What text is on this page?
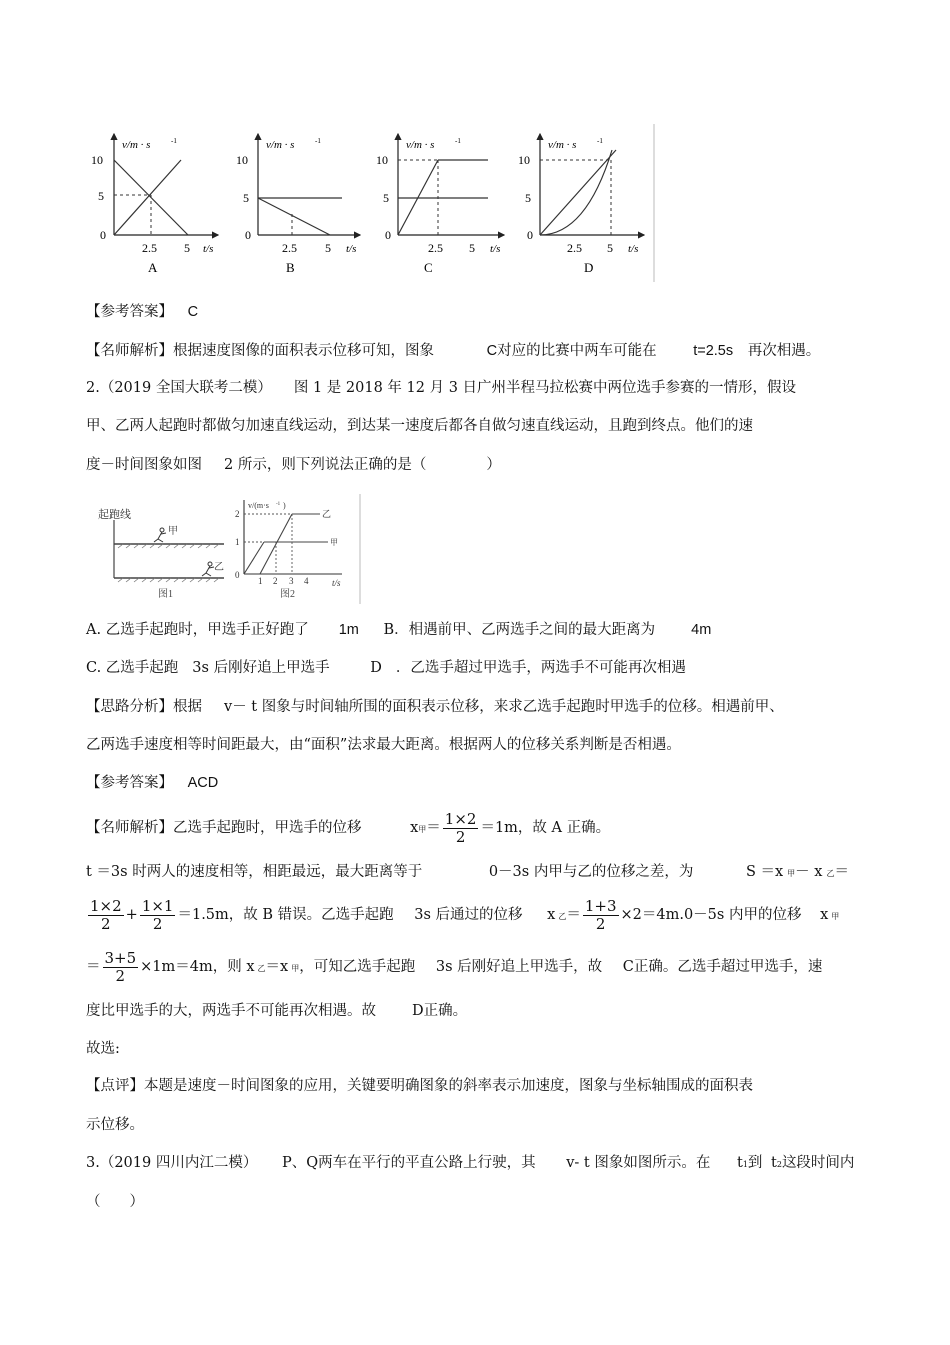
v/m · s	-1
10
5
0
2.5 5 t/s
A
v/m · s	-1
10
5
0
2.5 5 t/s
B
v/m · s	-1
10
5
0
2.5 5 t/s
C
v/m · s	-1
10
5
0
2.5 5 t/s
D
【参考答案】 C
【名师解析】根据速度图像的面积表示位移可知，图象	C对应的比赛中两车可能在	t=2.5s 再次相遇。
2.（2019 全国大联考二模） 图 1 是 2018 年 12 月 3 日广州半程马拉松赛中两位选手参赛的一情形，假设
甲、乙两人起跑时都做匀加速直线运动，到达某一速度后都各自做匀速直线运动，且跑到终点。他们的速
度－时间图象如图 2 所示，则下列说法正确的是（	）
起跑线
甲
乙
图1
v/(m·s -1 )
乙
甲
2
1
0
1 2 3 4	t/s
图2
A. 乙选手起跑时，甲选手正好跑了 1m B．相遇前甲、乙两选手之间的最大距离为 4m
C. 乙选手起跑 3s 后刚好追上甲选手	D ．乙选手超过甲选手，两选手不可能再次相遇
【思路分析】根据 v－ t 图象与时间轴所围的面积表示位移，来求乙选手起跑时甲选手的位移。相遇前甲、
乙两选手速度相等时间距最大，由“面积”法求最大距离。根据两人的位移关系判断是否相遇。
【参考答案】 ACD
【名师解析】乙选手起跑时，甲选手的位移	x甲＝ $\frac{1\times 2}{2} =1m$，故 A 正确。
t ＝3s 时两人的速度相等，相距最远，最大距离等于	0－3s 内甲与乙的位移之差，为	S ＝x 甲－ x 乙＝
$\frac{1\times 2}{2} + \frac{1\times 1}{2} =1.5m$，故 B 错误。乙选手起跑 3s 后通过的位移 x 乙＝ $\frac{1+3}{2} \times 2=4m.0-5s$ 内甲的位移 x 甲
＝ $\frac{3+5}{2} \times 1m=4m$，则 x 乙＝x 甲，可知乙选手起跑 3s 后刚好追上甲选手，故 C正确。乙选手超过甲选手，速
度比甲选手的大，两选手不可能再次相遇。故 D正确。
故选:
【点评】本题是速度－时间图象的应用，关键要明确图象的斜率表示加速度，图象与坐标轴围成的面积表
示位移。
3.（2019 四川内江二模） P、Q两车在平行的平直公路上行驶，其 v- t 图象如图所示。在 t1到 t2这段时间内
（　　）
